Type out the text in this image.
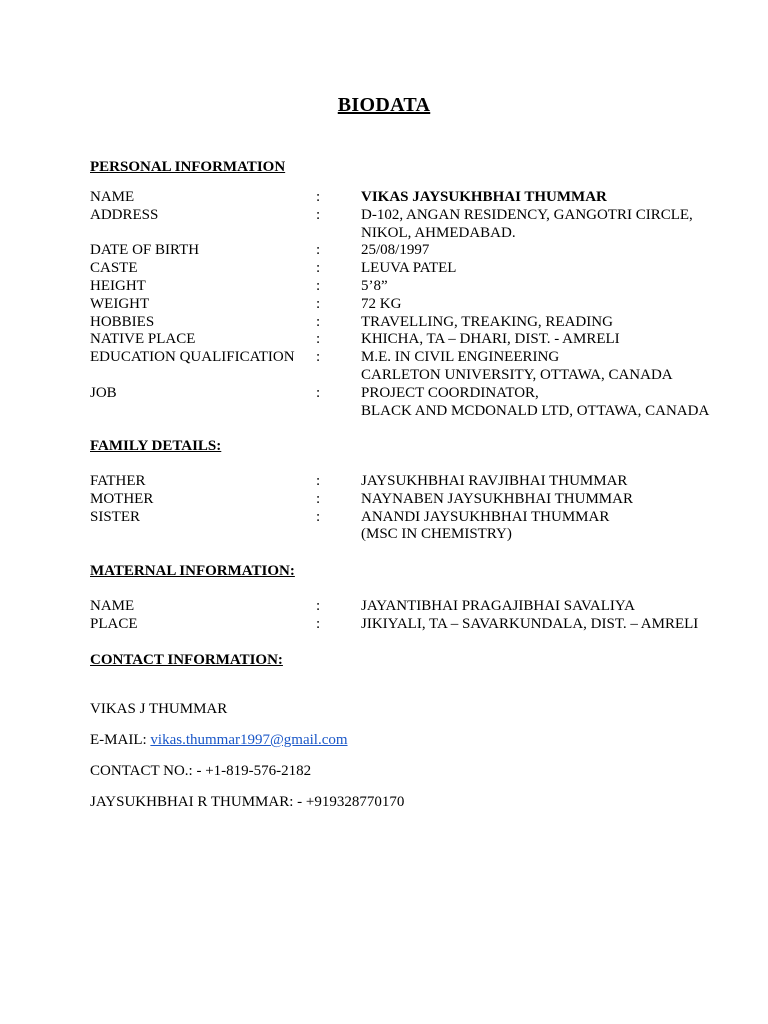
BIODATA
PERSONAL INFORMATION
NAME	:	VIKAS JAYSUKHBHAI THUMMAR
ADDRESS	:	D-102, ANGAN RESIDENCY, GANGOTRI CIRCLE,
NIKOL, AHMEDABAD.
DATE OF BIRTH	:	25/08/1997
CASTE	:	LEUVA PATEL
HEIGHT	:	5’8”
WEIGHT	:	72 KG
HOBBIES	:	TRAVELLING, TREAKING, READING
NATIVE PLACE	:	KHICHA, TA – DHARI, DIST. - AMRELI
EDUCATION QUALIFICATION :	M.E. IN CIVIL ENGINEERING
CARLETON UNIVERSITY, OTTAWA, CANADA
JOB	:	PROJECT COORDINATOR,
BLACK AND MCDONALD LTD, OTTAWA, CANADA
FAMILY DETAILS:
FATHER	:	JAYSUKHBHAI RAVJIBHAI THUMMAR
MOTHER	:	NAYNABEN JAYSUKHBHAI THUMMAR
SISTER	:	ANANDI JAYSUKHBHAI THUMMAR
(MSC IN CHEMISTRY)
MATERNAL INFORMATION:
NAME	:	JAYANTIBHAI PRAGAJIBHAI SAVALIYA
PLACE	:	JIKIYALI, TA – SAVARKUNDALA, DIST. – AMRELI
CONTACT INFORMATION:
VIKAS J THUMMAR
E-MAIL: vikas.thummar1997@gmail.com
CONTACT NO.: - +1-819-576-2182
JAYSUKHBHAI R THUMMAR: - +919328770170
